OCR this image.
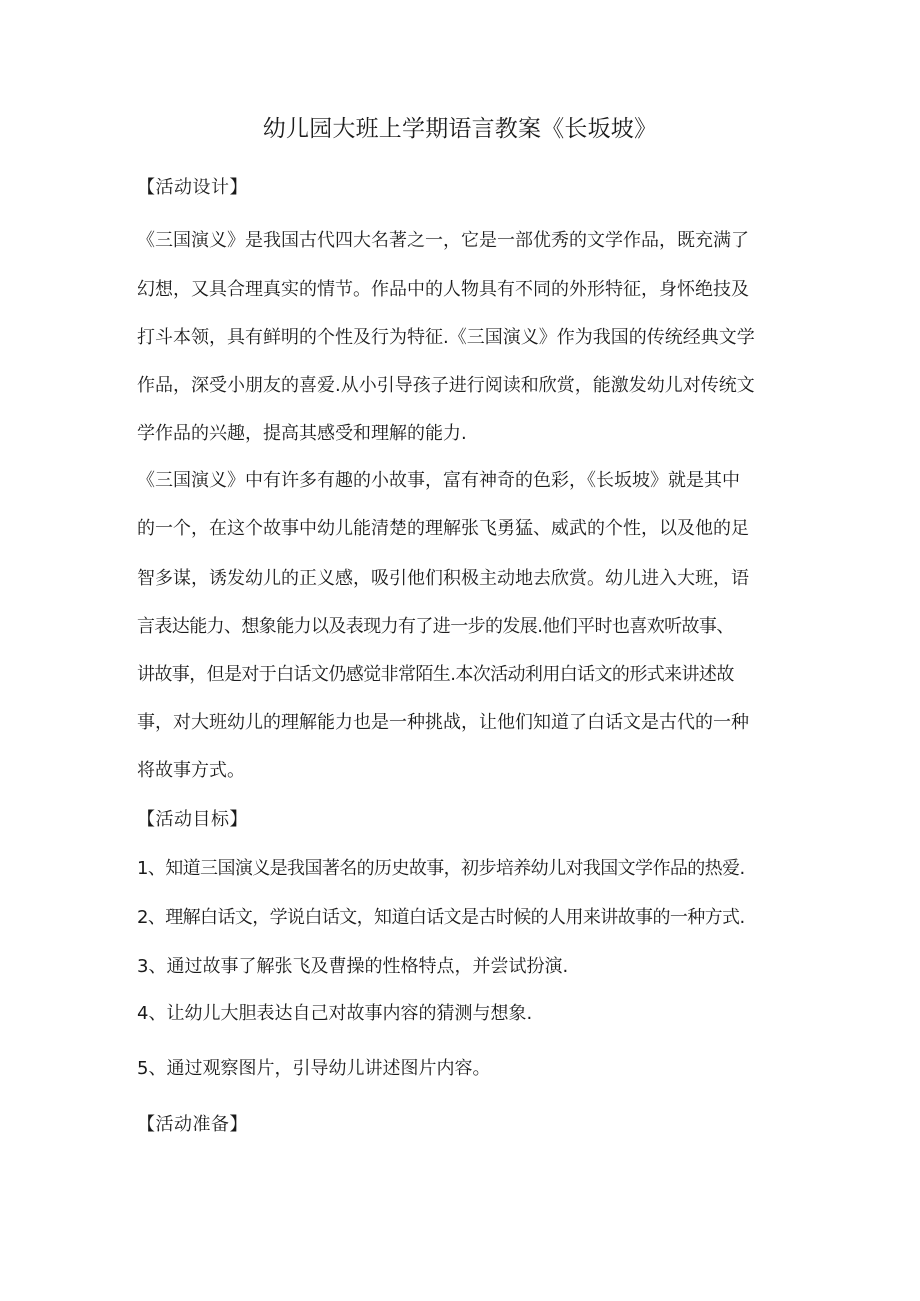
幼儿园大班上学期语言教案《长坂坡》
【活动设计】
《三国演义》是我国古代四大名著之一，它是一部优秀的文学作品，既充满了
幻想，又具合理真实的情节。作品中的人物具有不同的外形特征，身怀绝技及
打斗本领，具有鲜明的个性及行为特征.《三国演义》作为我国的传统经典文学
作品，深受小朋友的喜爱.从小引导孩子进行阅读和欣赏，能激发幼儿对传统文
学作品的兴趣，提高其感受和理解的能力.
《三国演义》中有许多有趣的小故事，富有神奇的色彩，《长坂坡》就是其中
的一个，在这个故事中幼儿能清楚的理解张飞勇猛、威武的个性，以及他的足
智多谋，诱发幼儿的正义感，吸引他们积极主动地去欣赏。幼儿进入大班，语
言表达能力、想象能力以及表现力有了进一步的发展.他们平时也喜欢听故事、
讲故事，但是对于白话文仍感觉非常陌生.本次活动利用白话文的形式来讲述故
事，对大班幼儿的理解能力也是一种挑战，让他们知道了白话文是古代的一种
将故事方式。
【活动目标】
1、知道三国演义是我国著名的历史故事，初步培养幼儿对我国文学作品的热爱.
2、理解白话文，学说白话文，知道白话文是古时候的人用来讲故事的一种方式.
3、通过故事了解张飞及曹操的性格特点，并尝试扮演.
4、让幼儿大胆表达自己对故事内容的猜测与想象.
5、通过观察图片，引导幼儿讲述图片内容。
【活动准备】
